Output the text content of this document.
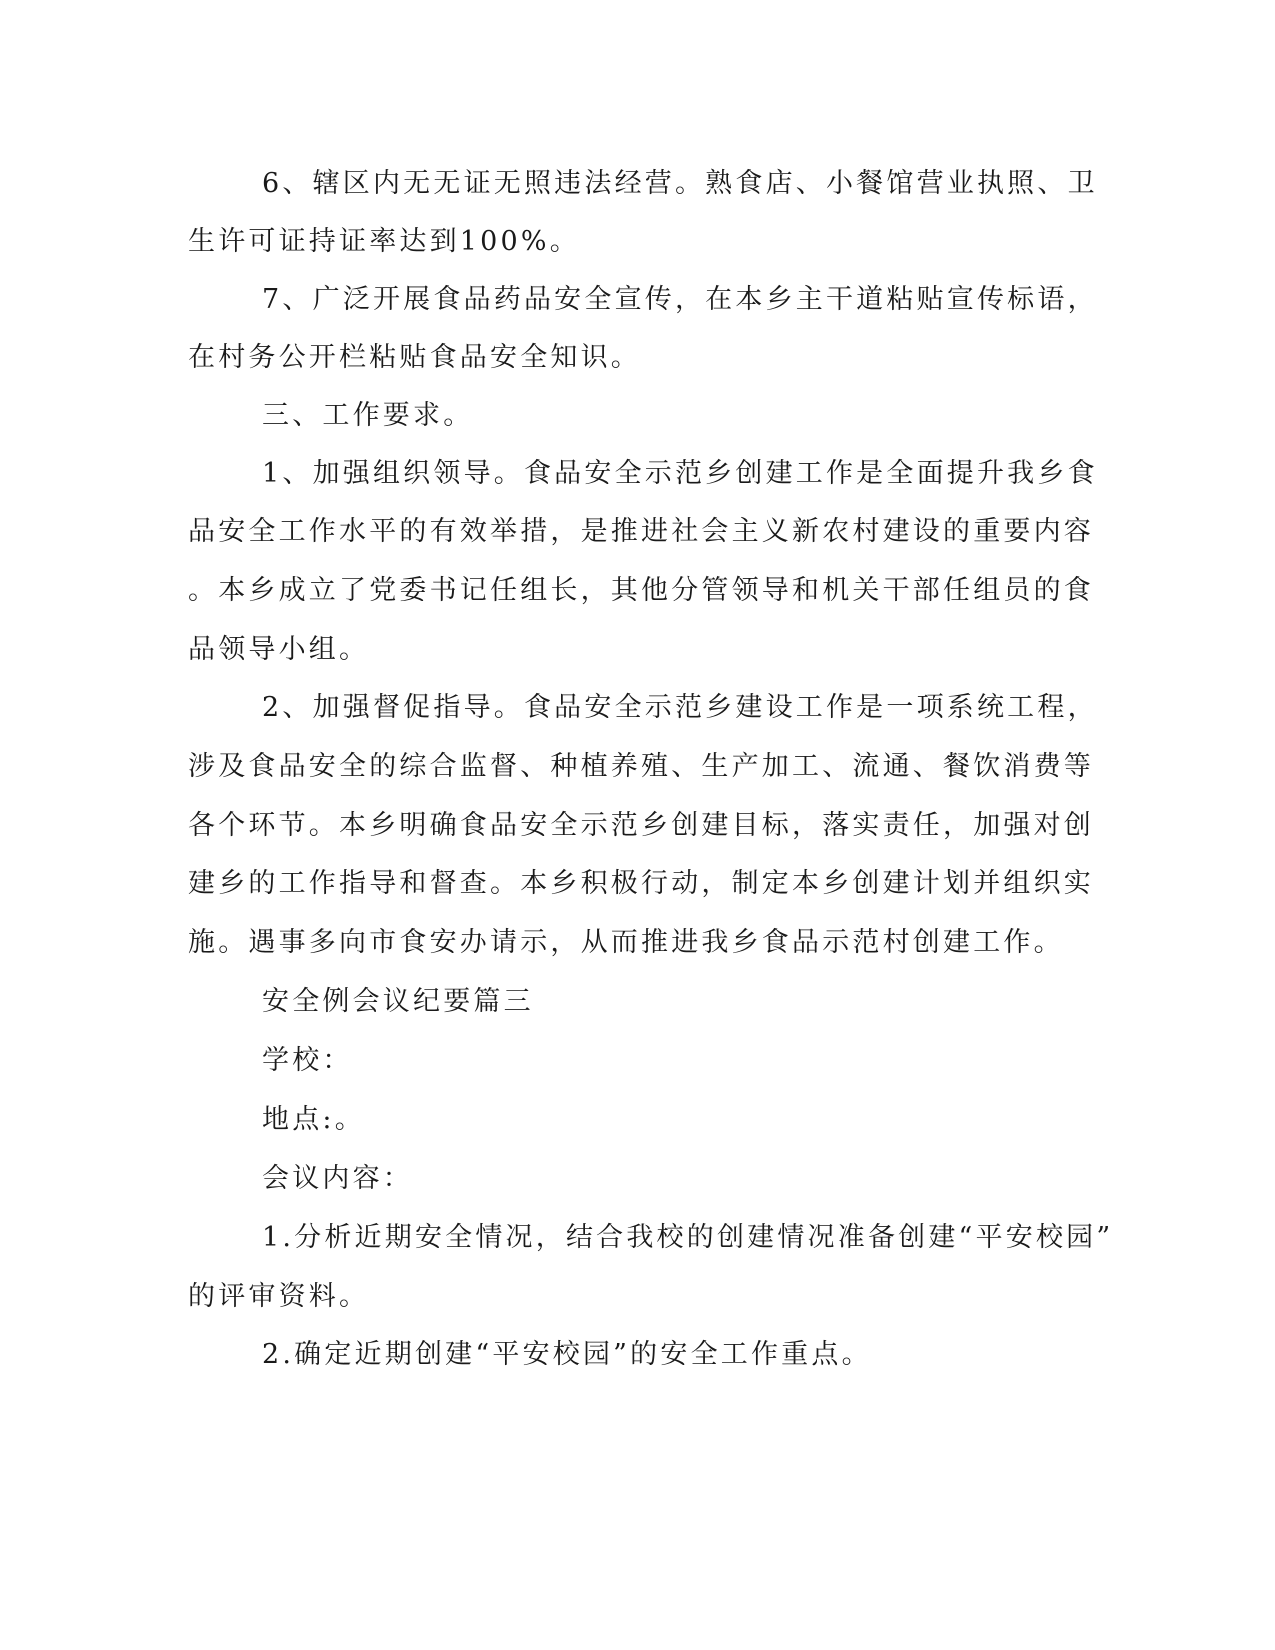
6、辖区内无无证无照违法经营。熟食店、小餐馆营业执照、卫
生许可证持证率达到100%。
7、广泛开展食品药品安全宣传，在本乡主干道粘贴宣传标语，
在村务公开栏粘贴食品安全知识。
三、工作要求。
1、加强组织领导。食品安全示范乡创建工作是全面提升我乡食
品安全工作水平的有效举措，是推进社会主义新农村建设的重要内容
。本乡成立了党委书记任组长，其他分管领导和机关干部任组员的食
品领导小组。
2、加强督促指导。食品安全示范乡建设工作是一项系统工程，
涉及食品安全的综合监督、种植养殖、生产加工、流通、餐饮消费等
各个环节。本乡明确食品安全示范乡创建目标，落实责任，加强对创
建乡的工作指导和督查。本乡积极行动，制定本乡创建计划并组织实
施。遇事多向市食安办请示，从而推进我乡食品示范村创建工作。
安全例会议纪要篇三
学校：
地点:。
会议内容：
1.分析近期安全情况，结合我校的创建情况准备创建“平安校园”
的评审资料。
2.确定近期创建“平安校园”的安全工作重点。
